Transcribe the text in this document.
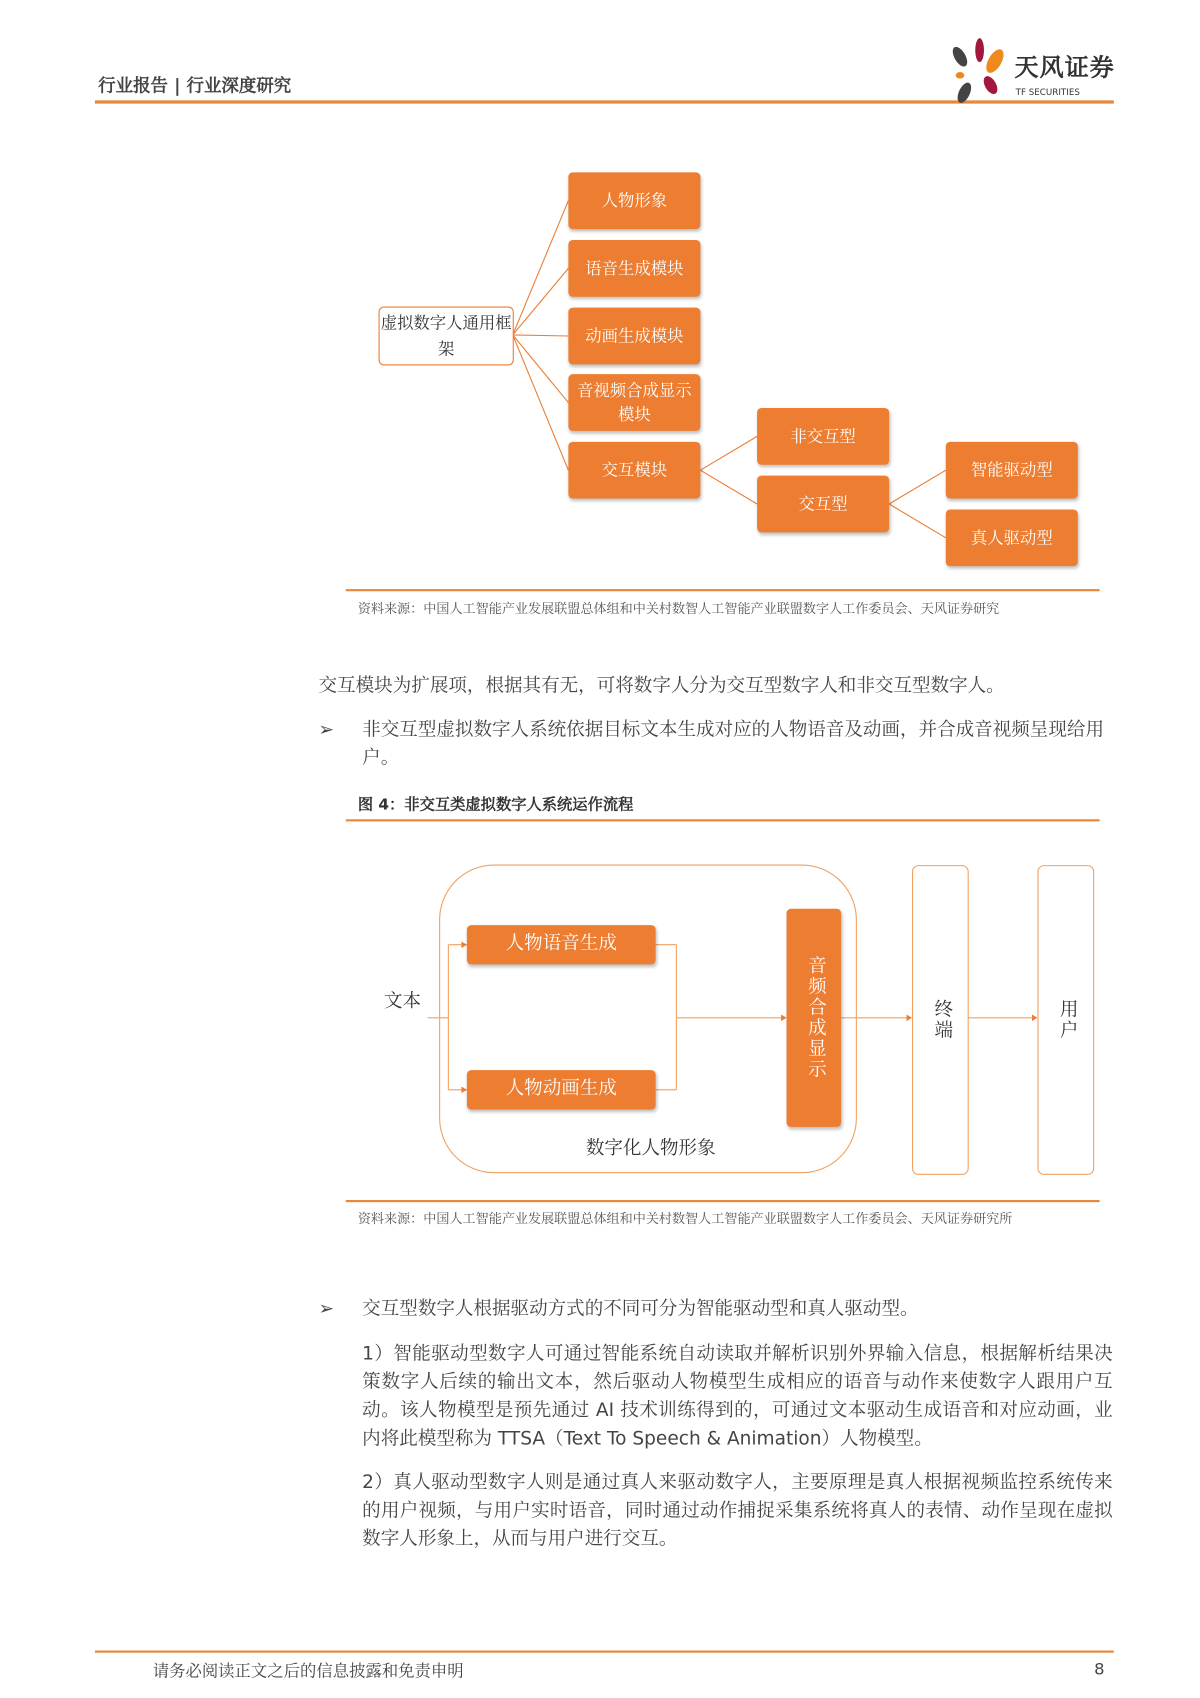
行业报告 | 行业深度研究
天风证券
TF SECURITIES
虚拟数字人通用框架
人物形象
语音生成模块
动画生成模块
音视频合成显示模块
交互模块
非交互型
交互型
智能驱动型
真人驱动型
资料来源：中国人工智能产业发展联盟总体组和中关村数智人工智能产业联盟数字人工作委员会、天风证券研究
交互模块为扩展项，根据其有无，可将数字人分为交互型数字人和非交互型数字人。
➢	非交互型虚拟数字人系统依据目标文本生成对应的人物语音及动画，并合成音视频呈现给用户。
图 4：非交互类虚拟数字人系统运作流程
文本
人物语音生成
人物动画生成
音频合成显示	终端	用户
数字化人物形象
资料来源：中国人工智能产业发展联盟总体组和中关村数智人工智能产业联盟数字人工作委员会、天风证券研究所
➢	交互型数字人根据驱动方式的不同可分为智能驱动型和真人驱动型。
1）智能驱动型数字人可通过智能系统自动读取并解析识别外界输入信息，根据解析结果决策数字人后续的输出文本，然后驱动人物模型生成相应的语音与动作来使数字人跟用户互动。该人物模型是预先通过 AI 技术训练得到的，可通过文本驱动生成语音和对应动画，业内将此模型称为 TTSA（Text To Speech & Animation）人物模型。
2）真人驱动型数字人则是通过真人来驱动数字人，主要原理是真人根据视频监控系统传来的用户视频，与用户实时语音，同时通过动作捕捉采集系统将真人的表情、动作呈现在虚拟数字人形象上，从而与用户进行交互。
请务必阅读正文之后的信息披露和免责申明	8
